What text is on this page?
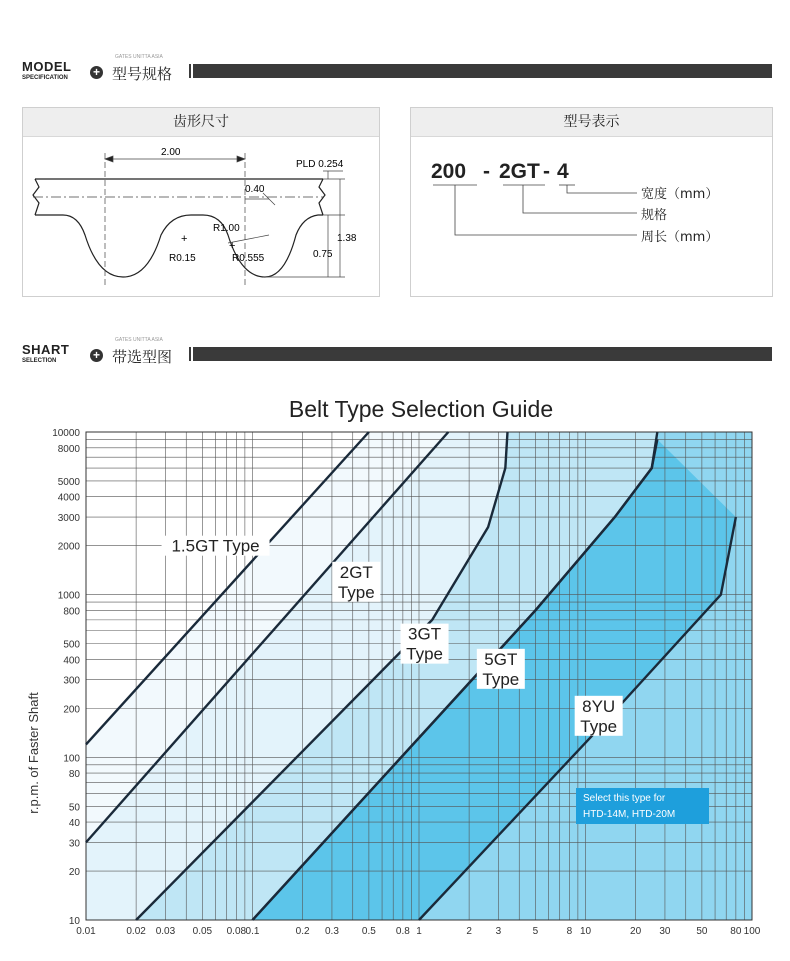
MODEL
SPECIFICATION
GATES UNITTA ASIA
+ 型号规格
齿形尺寸
2.00
PLD 0.254
0.40
R1.00
R0.15	R0.555
1.38
0.75
+
+
型号表示
200 - 2GT - 4
宽度（mm）
规格
周长（mm）
SHART
SELECTION
GATES UNITTA ASIA
+ 带选型图
Belt Type Selection Guide
r.p.m. of Faster Shaft
0.01	0.02 0.03 0.05 0.08 0.1	0.2 0.3 0.5 0.8 1	2 3	5	8 10	20 30	50 80 100
10
20
30
40
50
80
100
200
300
400
500
800
1000
2000
3000
4000
5000
8000
10000
1.5GT Type
2GT
Type
3GT
Type 5GT
Type
8YU
Type
Select this type for
HTD-14M, HTD-20M
